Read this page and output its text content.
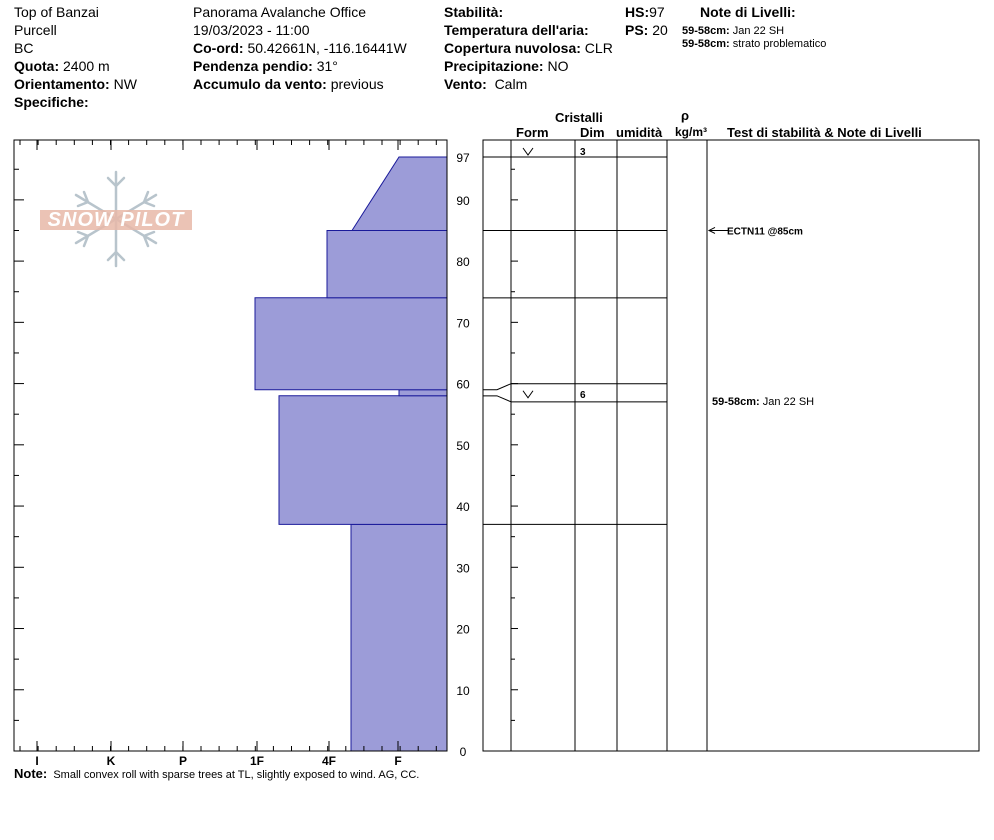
Top of Banzai
Purcell
BC
Quota: 2400 m
Orientamento: NW
Specifiche:
Panorama Avalanche Office
19/03/2023 - 11:00
Co-ord: 50.42661N, -116.16441W
Pendenza pendio: 31°
Accumulo da vento: previous
Stabilità:
Temperatura dell'aria:
Copertura nuvolosa: CLR
Precipitazione: NO
Vento: Calm
HS:97
PS: 20
Note di Livelli:
59-58cm: Jan 22 SH
59-58cm: strato problematico
Cristalli
Form Dim umidità
ρ
kg/m³ Test di stabilità & Note di Livelli
SNOW PILOT
I	K	P	1F	4F	F
97
90
80
70
60
50
40
30
20
10
0
3
6
ECTN11 @85cm
59-58cm: Jan 22 SH
Note: Small convex roll with sparse trees at TL, slightly exposed to wind. AG, CC.
